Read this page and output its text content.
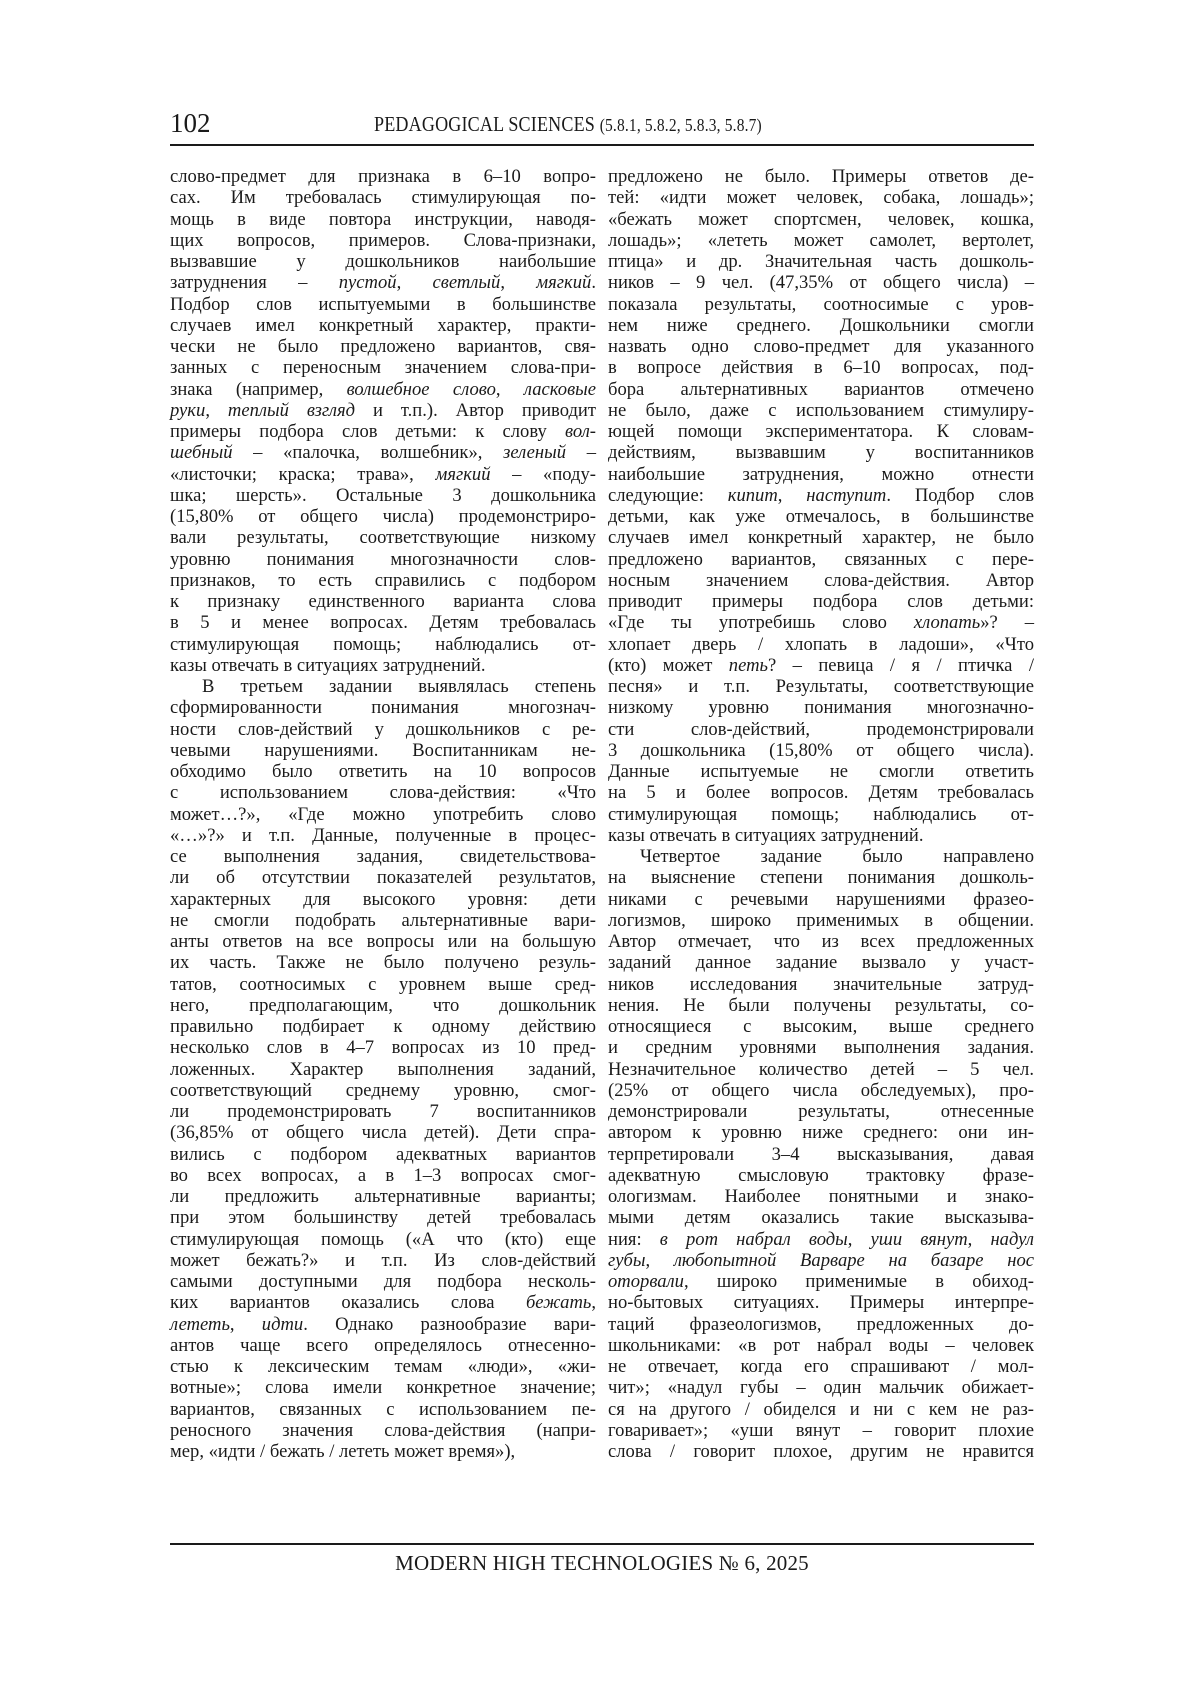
102	PEDAGOGICAL SCIENCES (5.8.1, 5.8.2, 5.8.3, 5.8.7)
слово-предмет для признака в 6–10 вопро-
сах. Им требовалась стимулирующая по-
мощь в виде повтора инструкции, наводя-
щих вопросов, примеров. Слова-признаки,
вызвавшие у дошкольников наибольшие
затруднения – пустой, светлый, мягкий.
Подбор слов испытуемыми в большинстве
случаев имел конкретный характер, практи-
чески не было предложено вариантов, свя-
занных с переносным значением слова-при-
знака (например, волшебное слово, ласковые
руки, теплый взгляд и т.п.). Автор приводит
примеры подбора слов детьми: к слову вол-
шебный – «палочка, волшебник», зеленый –
«листочки; краска; трава», мягкий – «поду-
шка; шерсть». Остальные 3 дошкольника
(15,80% от общего числа) продемонстриро-
вали результаты, соответствующие низкому
уровню понимания многозначности слов-
признаков, то есть справились с подбором
к признаку единственного варианта слова
в 5 и менее вопросах. Детям требовалась
стимулирующая помощь; наблюдались от-
казы отвечать в ситуациях затруднений.
В третьем задании выявлялась степень
сформированности понимания многознач-
ности слов-действий у дошкольников с ре-
чевыми нарушениями. Воспитанникам не-
обходимо было ответить на 10 вопросов
с использованием слова-действия: «Что
может…?», «Где можно употребить слово
«…»?» и т.п. Данные, полученные в процес-
се выполнения задания, свидетельствова-
ли об отсутствии показателей результатов,
характерных для высокого уровня: дети
не смогли подобрать альтернативные вари-
анты ответов на все вопросы или на большую
их часть. Также не было получено резуль-
татов, соотносимых с уровнем выше сред-
него, предполагающим, что дошкольник
правильно подбирает к одному действию
несколько слов в 4–7 вопросах из 10 пред-
ложенных. Характер выполнения заданий,
соответствующий среднему уровню, смог-
ли продемонстрировать 7 воспитанников
(36,85% от общего числа детей). Дети спра-
вились с подбором адекватных вариантов
во всех вопросах, а в 1–3 вопросах смог-
ли предложить альтернативные варианты;
при этом большинству детей требовалась
стимулирующая помощь («А что (кто) еще
может бежать?» и т.п. Из слов-действий
самыми доступными для подбора несколь-
ких вариантов оказались слова бежать,
лететь, идти. Однако разнообразие вари-
антов чаще всего определялось отнесенно-
стью к лексическим темам «люди», «жи-
вотные»; слова имели конкретное значение;
вариантов, связанных с использованием пе-
реносного значения слова-действия (напри-
мер, «идти / бежать / лететь может время»),
предложено не было. Примеры ответов де-
тей: «идти может человек, собака, лошадь»;
«бежать может спортсмен, человек, кошка,
лошадь»; «лететь может самолет, вертолет,
птица» и др. Значительная часть дошколь-
ников – 9 чел. (47,35% от общего числа) –
показала результаты, соотносимые с уров-
нем ниже среднего. Дошкольники смогли
назвать одно слово-предмет для указанного
в вопросе действия в 6–10 вопросах, под-
бора альтернативных вариантов отмечено
не было, даже с использованием стимулиру-
ющей помощи экспериментатора. К словам-
действиям, вызвавшим у воспитанников
наибольшие затруднения, можно отнести
следующие: кипит, наступит. Подбор слов
детьми, как уже отмечалось, в большинстве
случаев имел конкретный характер, не было
предложено вариантов, связанных с пере-
носным значением слова-действия. Автор
приводит примеры подбора слов детьми:
«Где ты употребишь слово хлопать»? –
хлопает дверь / хлопать в ладоши», «Что
(кто) может петь? – певица / я / птичка /
песня» и т.п. Результаты, соответствующие
низкому уровню понимания многозначно-
сти слов-действий, продемонстрировали
3 дошкольника (15,80% от общего числа).
Данные испытуемые не смогли ответить
на 5 и более вопросов. Детям требовалась
стимулирующая помощь; наблюдались от-
казы отвечать в ситуациях затруднений.
Четвертое задание было направлено
на выяснение степени понимания дошколь-
никами с речевыми нарушениями фразео-
логизмов, широко применимых в общении.
Автор отмечает, что из всех предложенных
заданий данное задание вызвало у участ-
ников исследования значительные затруд-
нения. Не были получены результаты, со-
относящиеся с высоким, выше среднего
и средним уровнями выполнения задания.
Незначительное количество детей – 5 чел.
(25% от общего числа обследуемых), про-
демонстрировали результаты, отнесенные
автором к уровню ниже среднего: они ин-
терпретировали 3–4 высказывания, давая
адекватную смысловую трактовку фразе-
ологизмам. Наиболее понятными и знако-
мыми детям оказались такие высказыва-
ния: в рот набрал воды, уши вянут, надул
губы, любопытной Варваре на базаре нос
оторвали, широко применимые в обиход-
но-бытовых ситуациях. Примеры интерпре-
таций фразеологизмов, предложенных до-
школьниками: «в рот набрал воды – человек
не отвечает, когда его спрашивают / мол-
чит»; «надул губы – один мальчик обижает-
ся на другого / обиделся и ни с кем не раз-
говаривает»; «уши вянут – говорит плохие
слова / говорит плохое, другим не нравится
MODERN HIGH TECHNOLOGIES № 6, 2025
